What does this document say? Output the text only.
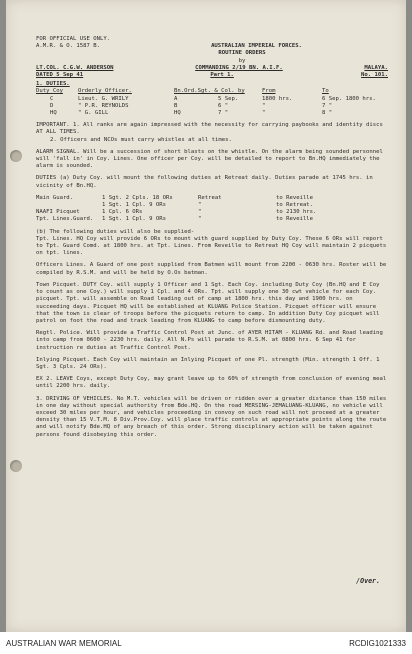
FOR OFFICIAL USE ONLY.
A.M.R. & O. 1587 B.	AUSTRALIAN IMPERIAL FORCES.
ROUTINE ORDERS
by
LT.COL. C.G.W. ANDERSON	COMMANDING 2/19 BN. A.I.F.	MALAYA.
DATED 5 Sep 41	Part 1.	No. 101.
1. DUTIES.
Duty Coy	Orderly Officer.	Bn.Ord.Sgt. & Col. by	From	To
C	Lieut. G. WRILY	A	5 Sep.	1800 hrs.	6 Sep. 1800 hrs.
D	" P.R. REYNOLDS	B	6 "	"	7 "
HQ	" G. GILL	HQ	7 "	"	8 "
IMPORTANT. 1. All ranks are again impressed with the necessity for carrying paybooks and identity discs AT ALL TIMES.
2. Officers and NCOs must carry whistles at all times.
ALARM SIGNAL. Will be a succession of short blasts on the whistle. On the alarm being sounded personnel will 'fall in' in Coy. Lines. One officer per Coy. will be detailed to report to Bn.HQ immediately the alarm is sounded.
DUTIES (a) Duty Coy. will mount the following duties at Retreat daily. Duties parade at 1745 hrs. in vicinity of Bn.HQ.
Main Guard.	1 Sgt. 2 Cpls. 18 ORs	Retreat	to Reveille
1 Sgt. 1 Cpl. 9 ORs	"	to Retreat.
NAAFI Picquet	1 Cpl. 6 ORs	"	to 2130 hrs.
Tpt. Lines.Guard.	1 Sgt. 1 Cpl. 9 ORs	"	to Reveille
(b) The following duties will also be supplied-
Tpt. Lines. HQ Coy will provide 6 ORs to mount with guard supplied by Duty Coy. These 6 ORs will report to Tpt. Guard Comd. at 1800 hrs. at Tpt. Lines. From Reveille to Retreat HQ Coy will maintain 2 picquets on tpt. lines.
Officers Lines. A Guard of one post supplied from Batmen will mount from 2200 - 0630 hrs. Roster will be compiled by R.S.M. and will be held by O.Os batman.
Town Picquet. DUTY Coy. will supply 1 Officer and 1 Sgt. Each Coy. including Duty Coy (Bn.HQ and E Coy to count as one Coy.) will supply 1 Cpl. and 4 ORs. Tpt. will supply one 30 cwt vehicle for each Coy. picquet. Tpt. will assemble on Road leading out of camp at 1800 hrs. this day and 1900 hrs. on succeeding days. Picquet HQ will be established at KLUANG Police Station. Picquet officer will ensure that the town is clear of troops before the picquets return to camp. In addition Duty Coy picquet will patrol on foot the road and track leading from KLUANG to camp before dismounting duty.
Regtl. Police. Will provide a Traffic Control Post at Junc. of AYER HITAM - KLUANG Rd. and Road leading into camp from 0600 - 2230 hrs. daily. All N.Ps will parade to R.S.M. at 0800 hrs. 6 Sep 41 for instruction re duties at Traffic Control Post.
Inlying Picquet. Each Coy will maintain an Inlying Picquet of one Pl. strength (Min. strength 1 Off. 1 Sgt. 3 Cpls. 24 ORs).
EX 2. LEAVE Coys, except Duty Coy, may grant leave up to 60% of strength from conclusion of evening meal until 2200 hrs. daily.
3. DRIVING OF VEHICLES. No M.T. vehicles will be driven or ridden over a greater distance than 150 miles in one day without special authority from Bde.HQ. On the road MERSING-JEMALUANG-KLUANG, no vehicle will exceed 30 miles per hour, and vehicles proceeding in convoy on such road will not proceed at a greater density than 15 V.T.M. 8 Div.Prov.Coy. will place traffic controls at appropriate points along the route and will notify Bde.HQ of any breach of this order. Strong disciplinary action will be taken against persons found disobeying this order.
/Over.
AUSTRALIAN WAR MEMORIAL	RCDIG1021333
